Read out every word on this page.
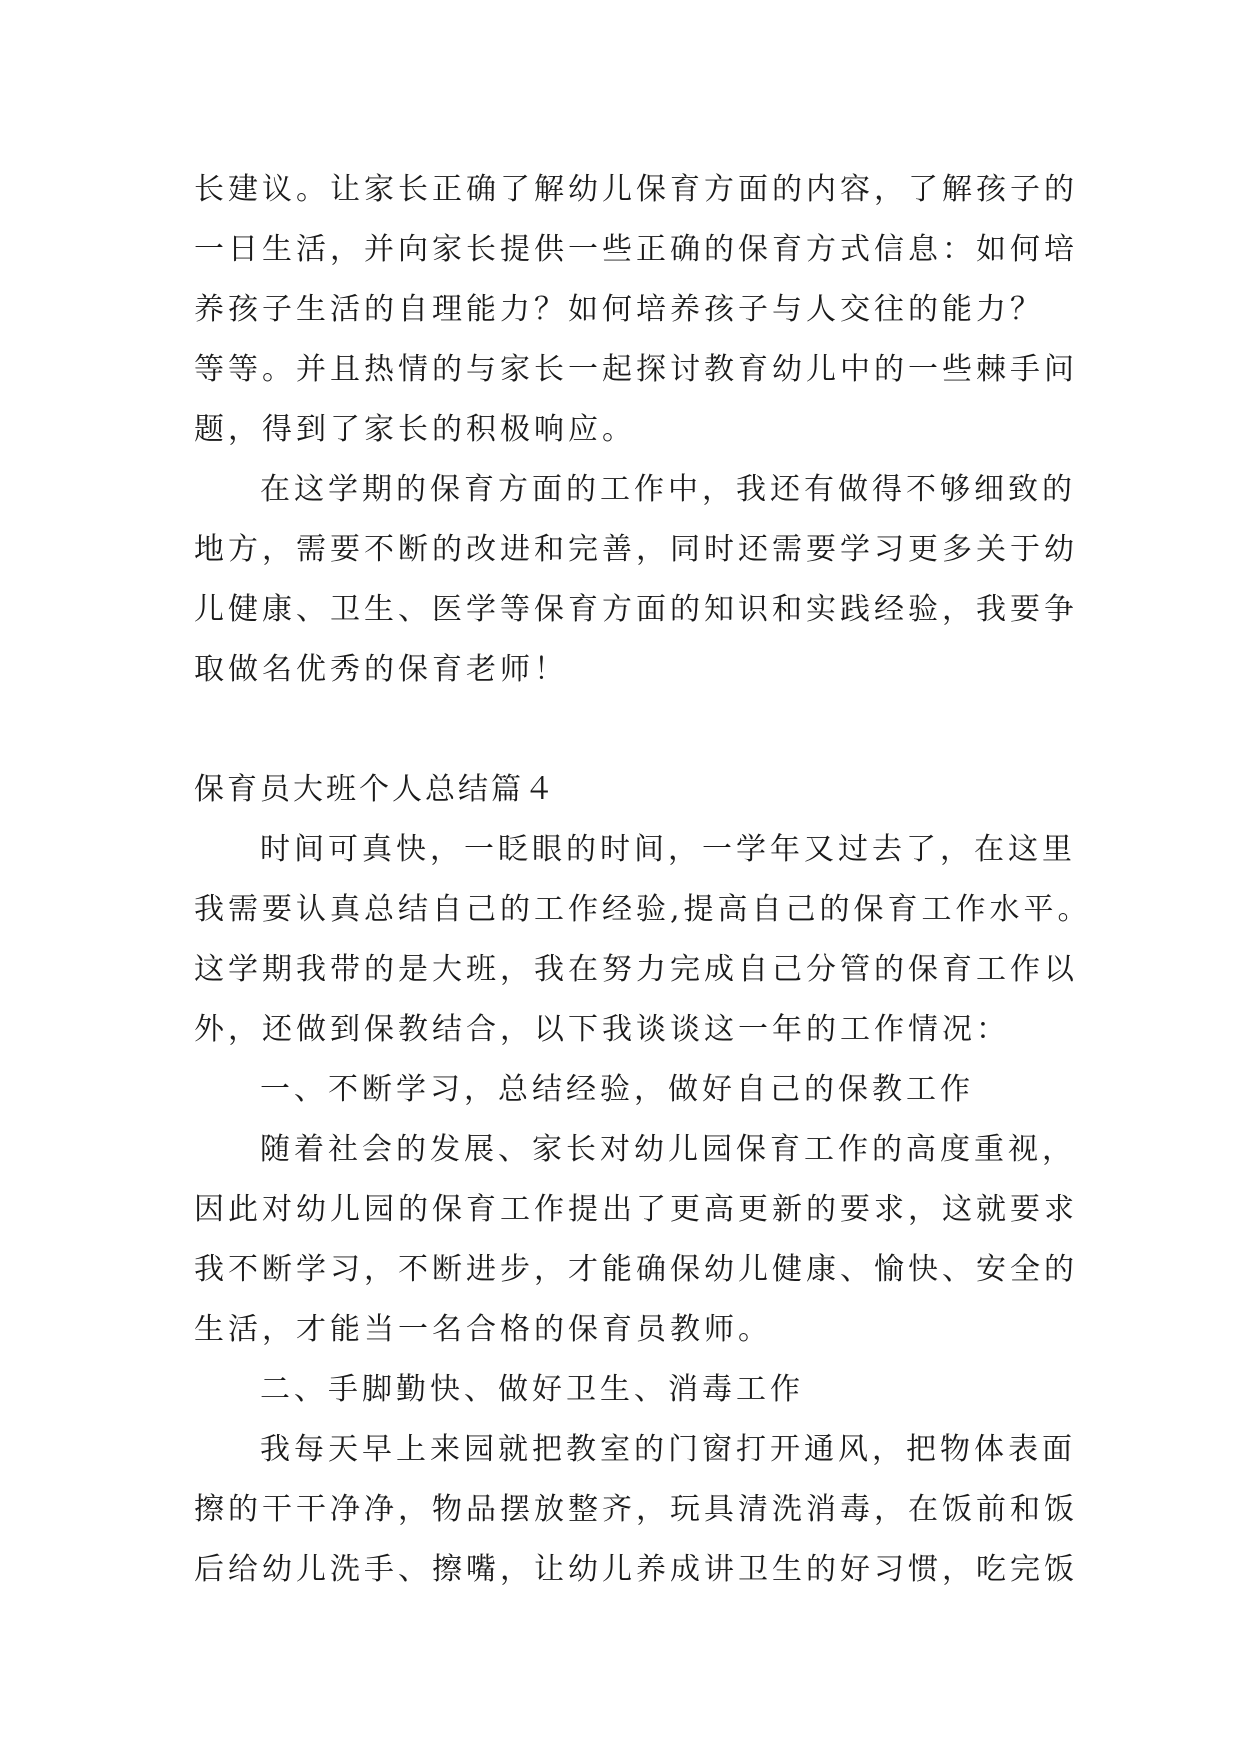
长建议。让家长正确了解幼儿保育方面的内容，了解孩子的
一日生活，并向家长提供一些正确的保育方式信息：如何培
养孩子生活的自理能力？如何培养孩子与人交往的能力？
等等。并且热情的与家长一起探讨教育幼儿中的一些棘手问
题，得到了家长的积极响应。
在这学期的保育方面的工作中，我还有做得不够细致的
地方，需要不断的改进和完善，同时还需要学习更多关于幼
儿健康、卫生、医学等保育方面的知识和实践经验，我要争
取做名优秀的保育老师！
保育员大班个人总结篇４
时间可真快，一眨眼的时间，一学年又过去了，在这里
我需要认真总结自己的工作经验,提高自己的保育工作水平。
这学期我带的是大班，我在努力完成自己分管的保育工作以
外，还做到保教结合，以下我谈谈这一年的工作情况：
一、不断学习，总结经验，做好自己的保教工作
随着社会的发展、家长对幼儿园保育工作的高度重视，
因此对幼儿园的保育工作提出了更高更新的要求，这就要求
我不断学习，不断进步，才能确保幼儿健康、愉快、安全的
生活，才能当一名合格的保育员教师。
二、手脚勤快、做好卫生、消毒工作
我每天早上来园就把教室的门窗打开通风，把物体表面
擦的干干净净，物品摆放整齐，玩具清洗消毒，在饭前和饭
后给幼儿洗手、擦嘴，让幼儿养成讲卫生的好习惯，吃完饭
